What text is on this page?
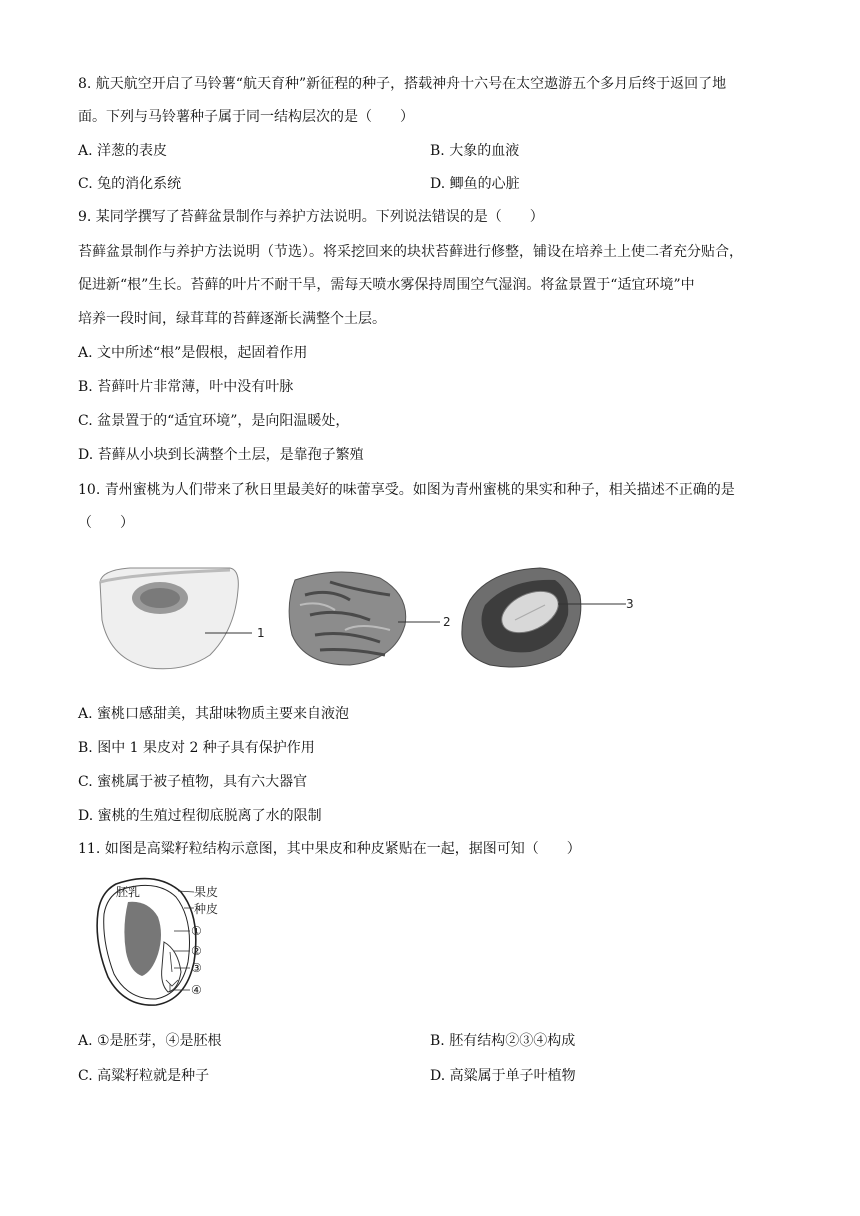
8. 航天航空开启了马铃薯“航天育种”新征程的种子，搭载神舟十六号在太空遨游五个多月后终于返回了地
面。下列与马铃薯种子属于同一结构层次的是（　　）
A. 洋葱的表皮	B. 大象的血液
C. 兔的消化系统	D. 鲫鱼的心脏
9. 某同学撰写了苔藓盆景制作与养护方法说明。下列说法错误的是（　　）
苔藓盆景制作与养护方法说明（节选）。将采挖回来的块状苔藓进行修整，铺设在培养土上使二者充分贴合，
促进新“根”生长。苔藓的叶片不耐干旱，需每天喷水雾保持周围空气湿润。将盆景置于“适宜环境”中
培养一段时间，绿茸茸的苔藓逐渐长满整个土层。
A. 文中所述“根”是假根，起固着作用
B. 苔藓叶片非常薄，叶中没有叶脉
C. 盆景置于的“适宜环境”，是向阳温暖处，
D. 苔藓从小块到长满整个土层，是靠孢子繁殖
10. 青州蜜桃为人们带来了秋日里最美好的味蕾享受。如图为青州蜜桃的果实和种子，相关描述不正确的是
（　　）
1
2
3
A. 蜜桃口感甜美，其甜味物质主要来自液泡
B. 图中 1 果皮对 2 种子具有保护作用
C. 蜜桃属于被子植物，具有六大器官
D. 蜜桃的生殖过程彻底脱离了水的限制
11. 如图是高粱籽粒结构示意图，其中果皮和种皮紧贴在一起，据图可知（　　）
胚乳	果皮
种皮
①
②
③
④
A. ①是胚芽，④是胚根	B. 胚有结构②③④构成
C. 高粱籽粒就是种子	D. 高粱属于单子叶植物
